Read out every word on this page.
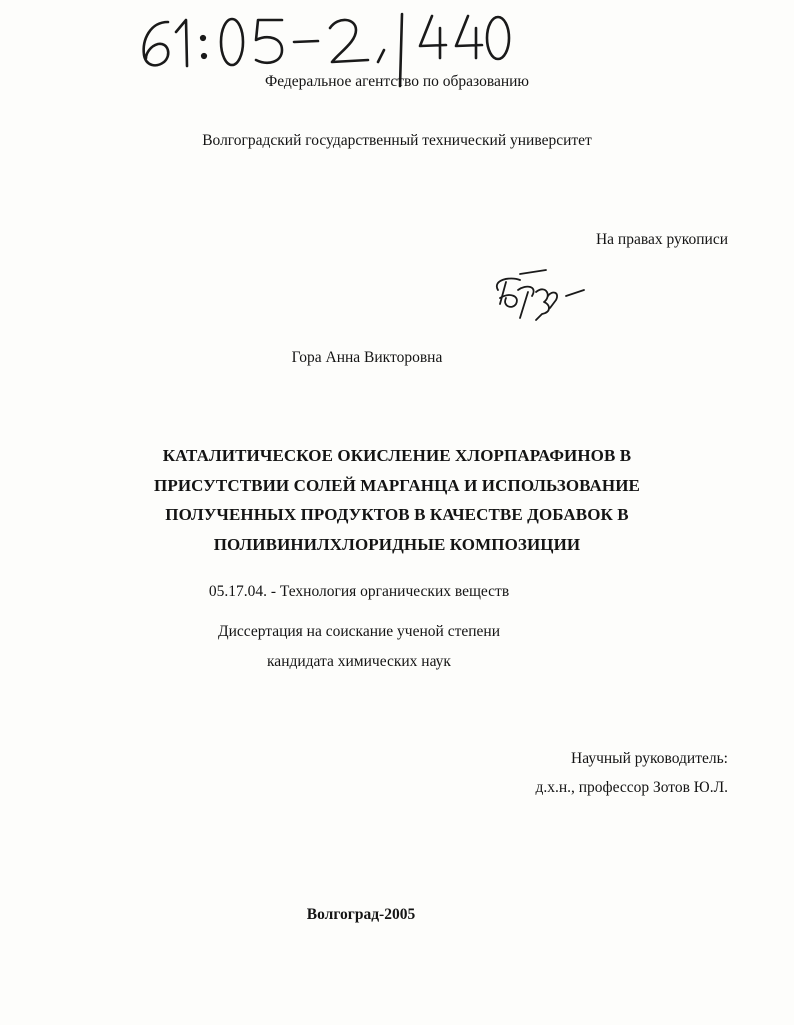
Федеральное агентство по образованию
Волгоградский государственный технический университет
На правах рукописи
Гора Анна Викторовна
КАТАЛИТИЧЕСКОЕ ОКИСЛЕНИЕ ХЛОРПАРАФИНОВ В
ПРИСУТСТВИИ СОЛЕЙ МАРГАНЦА И ИСПОЛЬЗОВАНИЕ
ПОЛУЧЕННЫХ ПРОДУКТОВ В КАЧЕСТВЕ ДОБАВОК В
ПОЛИВИНИЛХЛОРИДНЫЕ КОМПОЗИЦИИ
05.17.04. - Технология органических веществ
Диссертация на соискание ученой степени
кандидата химических наук
Научный руководитель:
д.х.н., профессор Зотов Ю.Л.
Волгоград-2005
